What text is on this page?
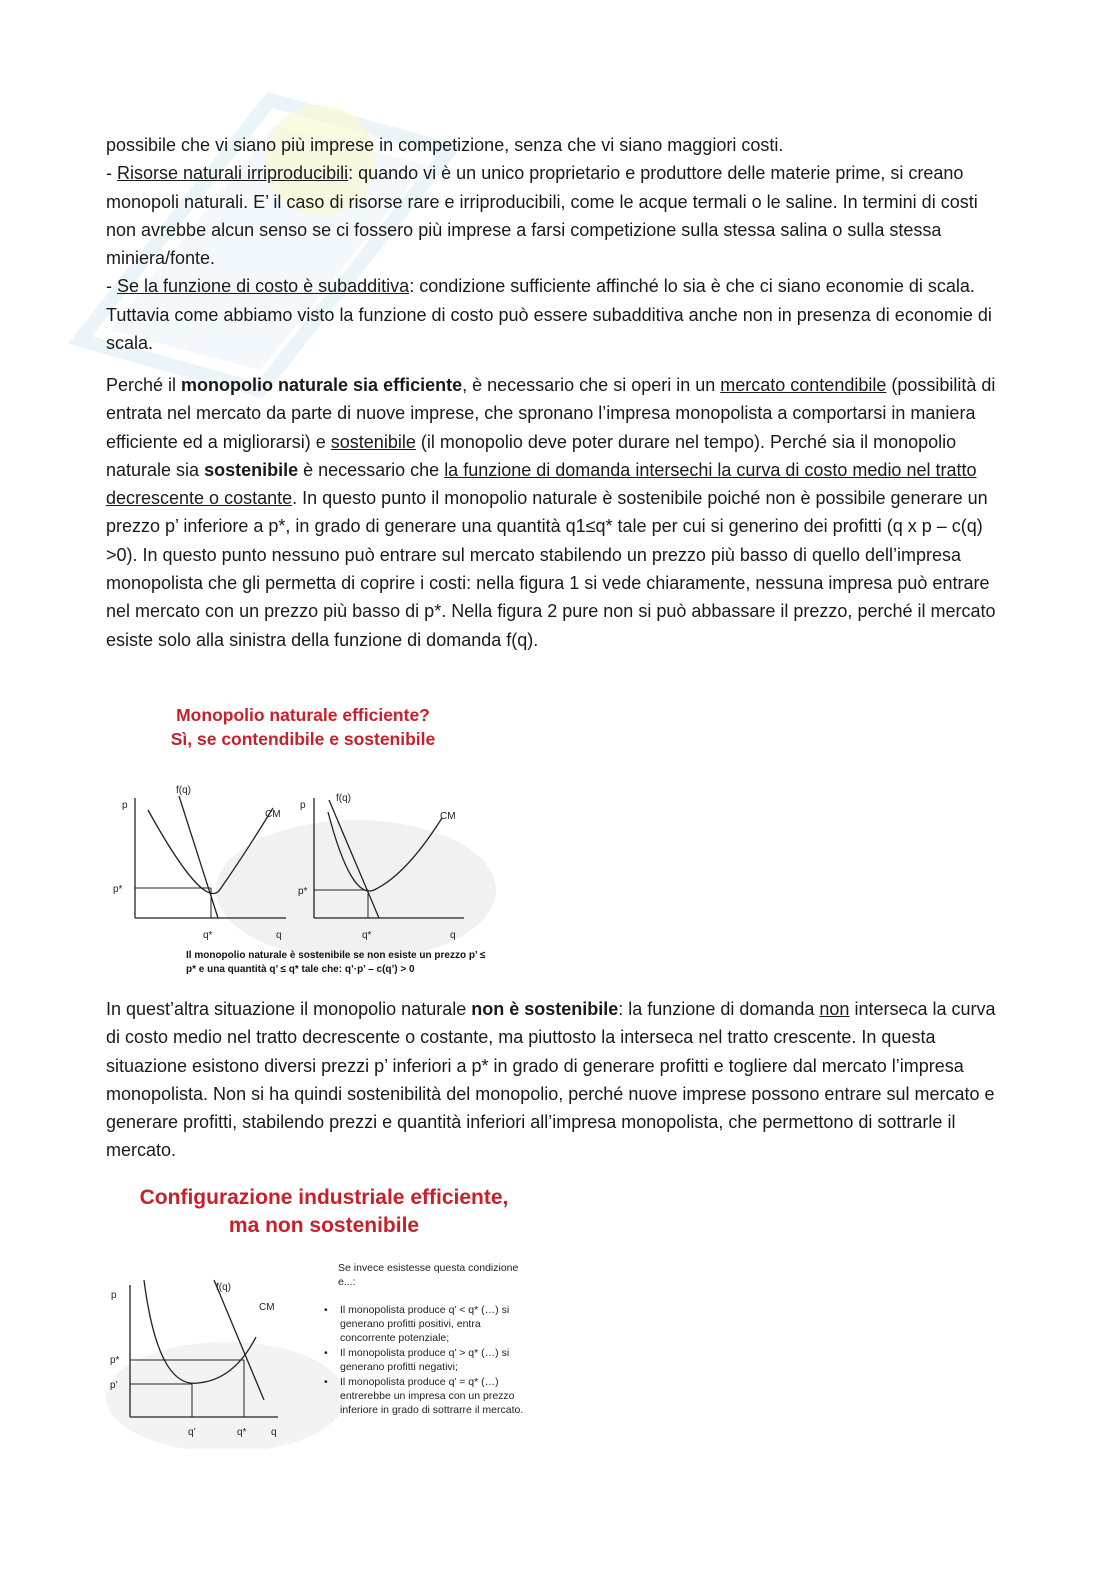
possibile che vi siano più imprese in competizione, senza che vi siano maggiori costi.

- Risorse naturali irriproducibili: quando vi è un unico proprietario e produttore delle materie prime, si creano monopoli naturali. E’ il caso di risorse rare e irriproducibili, come le acque termali o le saline. In termini di costi non avrebbe alcun senso se ci fossero più imprese a farsi competizione sulla stessa salina o sulla stessa miniera/fonte.

- Se la funzione di costo è subadditiva: condizione sufficiente affinché lo sia è che ci siano economie di scala. Tuttavia come abbiamo visto la funzione di costo può essere subadditiva anche non in presenza di economie di scala.

Perché il monopolio naturale sia efficiente, è necessario che si operi in un mercato contendibile (possibilità di entrata nel mercato da parte di nuove imprese, che spronano l’impresa monopolista a comportarsi in maniera efficiente ed a migliorarsi) e sostenibile (il monopolio deve poter durare nel tempo). Perché sia il monopolio naturale sia sostenibile è necessario che la funzione di domanda intersechi la curva di costo medio nel tratto decrescente o costante. In questo punto il monopolio naturale è sostenibile poiché non è possibile generare un prezzo p’ inferiore a p*, in grado di generare una quantità q1≤q* tale per cui si generino dei profitti (q x p – c(q) >0). In questo punto nessuno può entrare sul mercato stabilendo un prezzo più basso di quello dell’impresa monopolista che gli permetta di coprire i costi: nella figura 1 si vede chiaramente, nessuna impresa può entrare nel mercato con un prezzo più basso di p*. Nella figura 2 pure non si può abbassare il prezzo, perché il mercato esiste solo alla sinistra della funzione di domanda f(q).

Monopolio naturale efficiente?
Sì, se contendibile e sostenibile
p
f(q)
CM
p*
q*	q
p
f(q)
CM
p*
q*	q
Il monopolio naturale è sostenibile se non esiste un prezzo p’ ≤
p* e una quantità q’ ≤ q* tale che: q’·p’ – c(q’) > 0

In quest’altra situazione il monopolio naturale non è sostenibile: la funzione di domanda non interseca la curva di costo medio nel tratto decrescente o costante, ma piuttosto la interseca nel tratto crescente. In questa situazione esistono diversi prezzi p’ inferiori a p* in grado di generare profitti e togliere dal mercato l’impresa monopolista. Non si ha quindi sostenibilità del monopolio, perché nuove imprese possono entrare sul mercato e generare profitti, stabilendo prezzi e quantità inferiori all’impresa monopolista, che permettono di sottrarle il mercato.

Configurazione industriale efficiente,
ma non sostenibile
p
f(q)
CM
p*
p’
q’	q* q
Se invece esistesse questa condizione
e...:
• Il monopolista produce q’ < q* (…) si
generano profitti positivi, entra
concorrente potenziale;
• Il monopolista produce q’ > q* (…) si
generano profitti negativi;
• Il monopolista produce q’ = q* (…)
entrerebbe un impresa con un prezzo
inferiore in grado di sottrarre il mercato.
